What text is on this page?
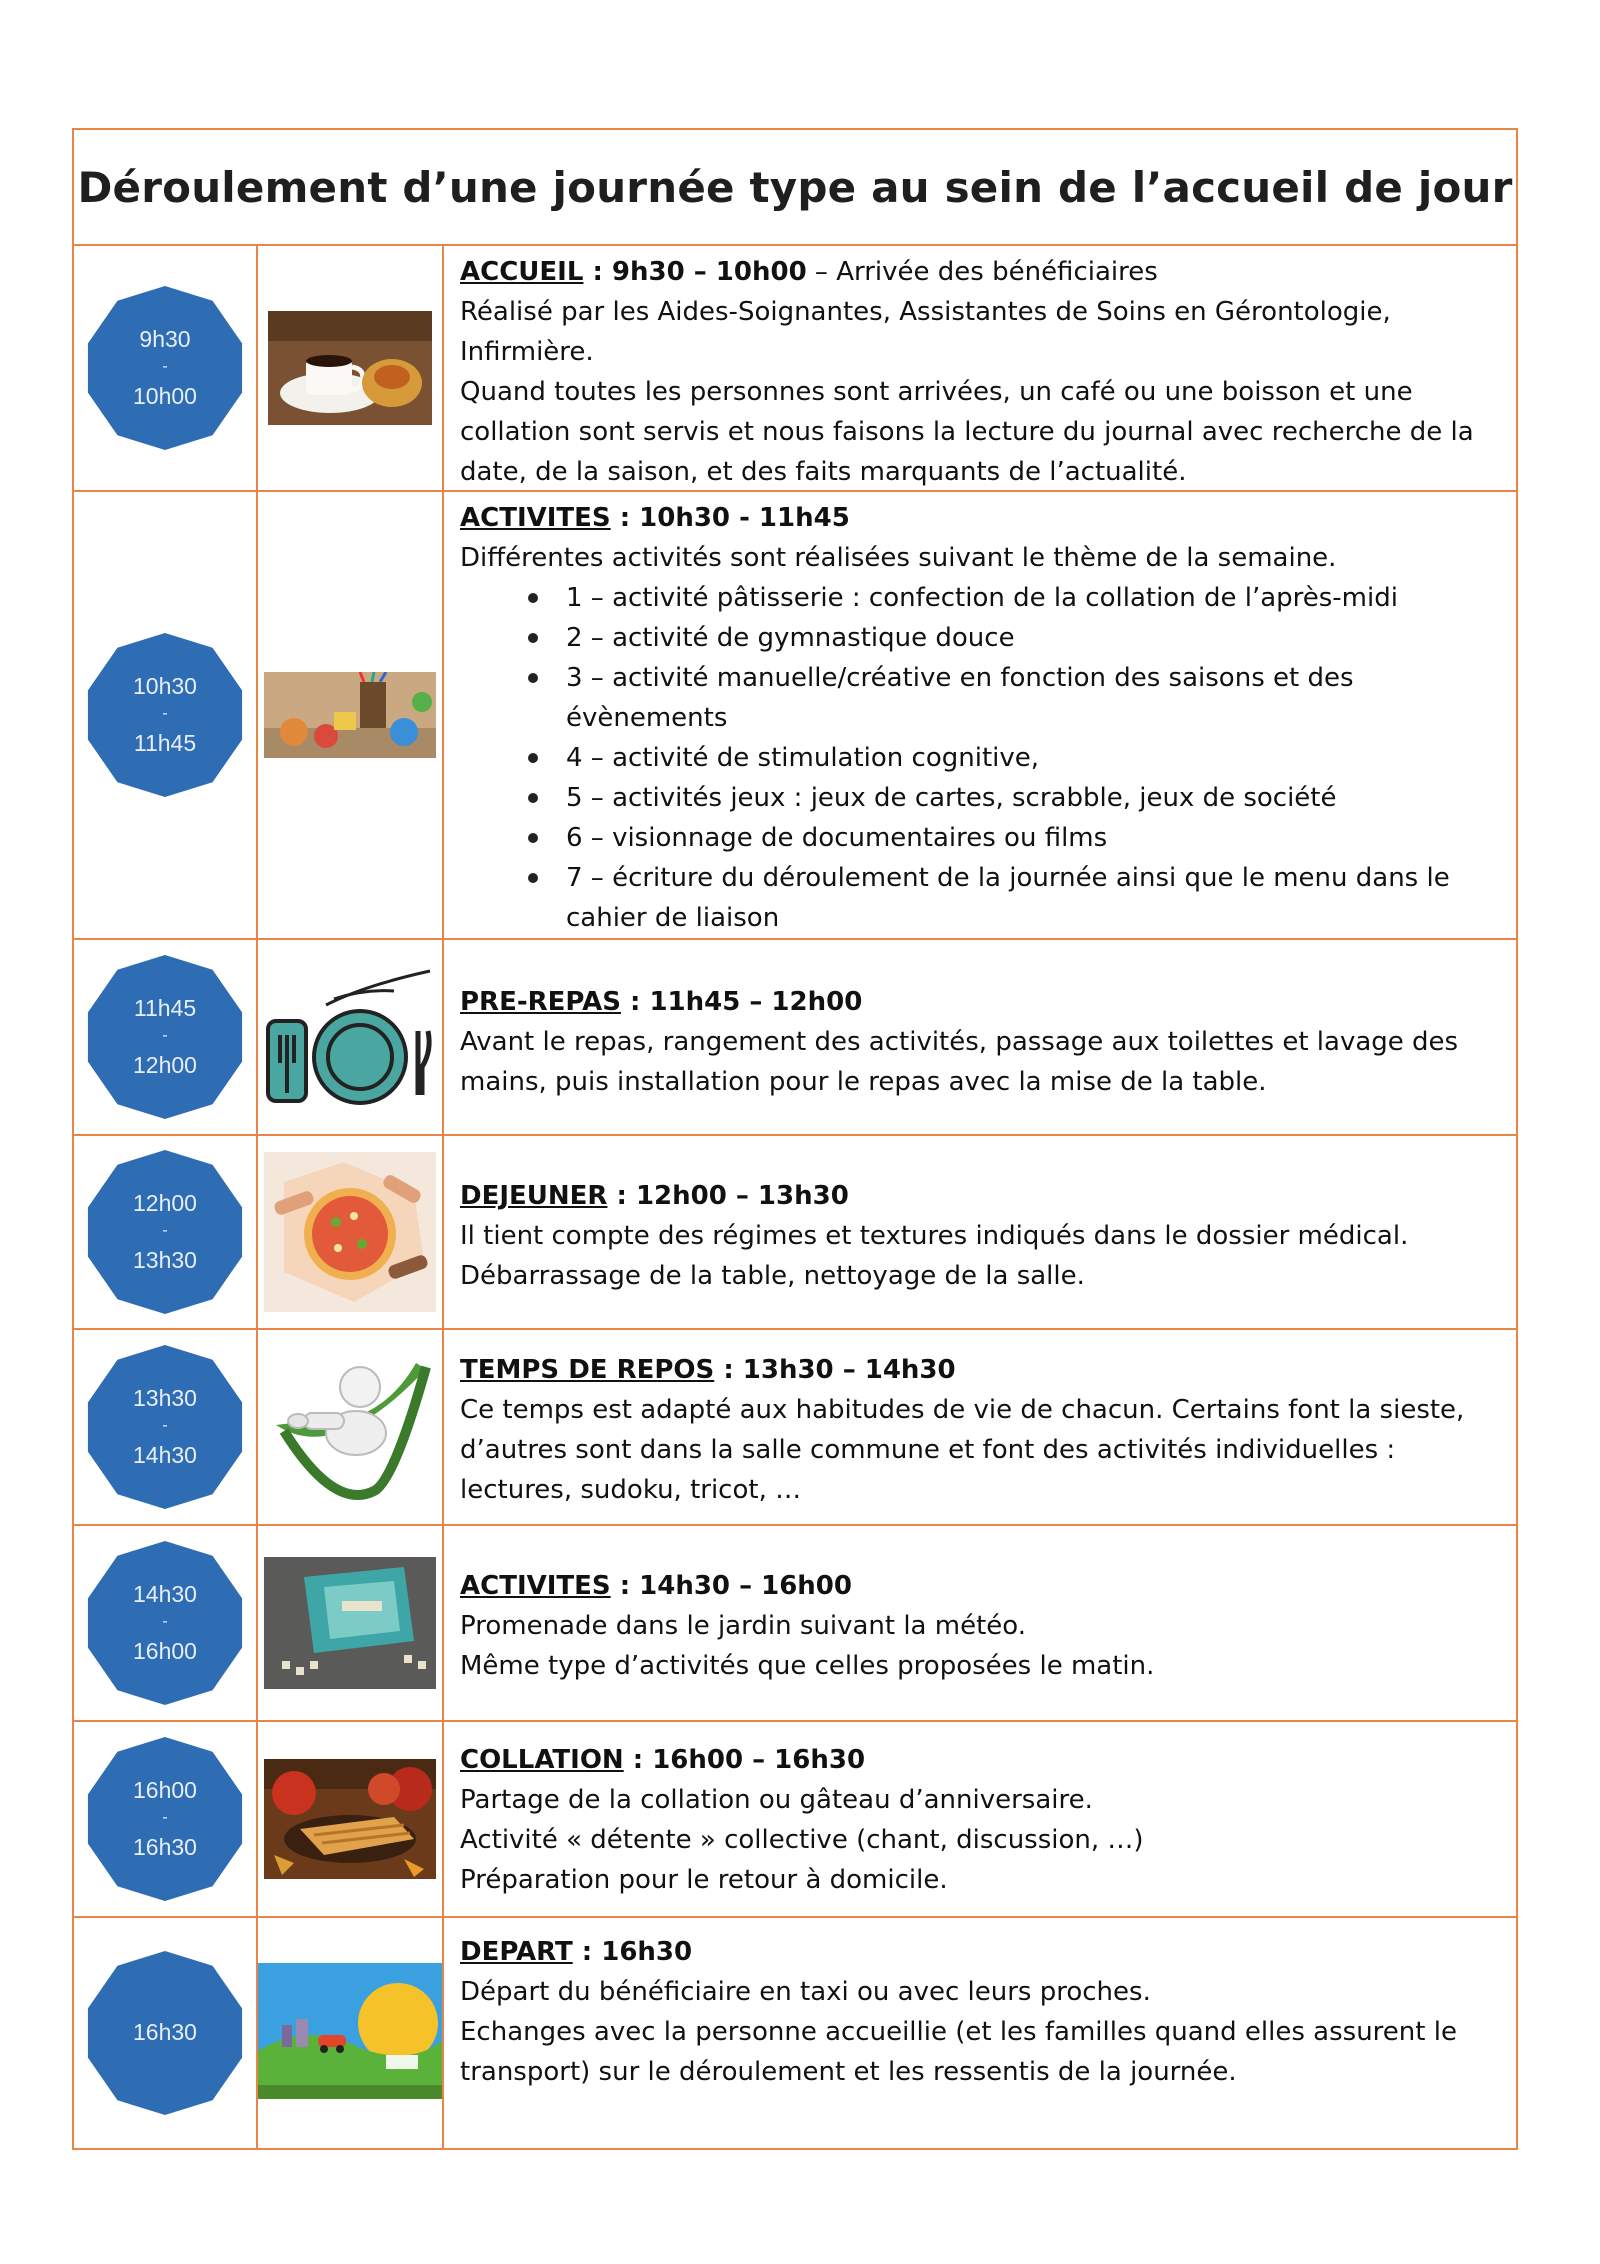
Déroulement d’une journée type au sein de l’accueil de jour
9h30
-
10h00

ACCUEIL : 9h30 – 10h00 – Arrivée des bénéficiaires

Réalisé par les Aides-Soignantes, Assistantes de Soins en Gérontologie, Infirmière.

Quand toutes les personnes sont arrivées, un café ou une boisson et une collation sont servis et nous faisons la lecture du journal avec recherche de la date, de la saison, et des faits marquants de l’actualité.

10h30
-
11h45

ACTIVITES : 10h30 - 11h45

Différentes activités sont réalisées suivant le thème de la semaine.

1 – activité pâtisserie : confection de la collation de l’après-midi
2 – activité de gymnastique douce
3 – activité manuelle/créative en fonction des saisons et des évènements
4 – activité de stimulation cognitive,
5 – activités jeux : jeux de cartes, scrabble, jeux de société
6 – visionnage de documentaires ou films
7 – écriture du déroulement de la journée ainsi que le menu dans le cahier de liaison
11h45
-
12h00

PRE-REPAS : 11h45 – 12h00

Avant le repas, rangement des activités, passage aux toilettes et lavage des mains, puis installation pour le repas avec la mise de la table.

12h00
-
13h30

DEJEUNER : 12h00 – 13h30

Il tient compte des régimes et textures indiqués dans le dossier médical.

Débarrassage de la table, nettoyage de la salle.

13h30
-
14h30

TEMPS DE REPOS : 13h30 – 14h30

Ce temps est adapté aux habitudes de vie de chacun. Certains font la sieste, d’autres sont dans la salle commune et font des activités individuelles : lectures, sudoku, tricot, …

14h30
-
16h00

ACTIVITES : 14h30 – 16h00

Promenade dans le jardin suivant la météo.

Même type d’activités que celles proposées le matin.

16h00
-
16h30

COLLATION : 16h00 – 16h30

Partage de la collation ou gâteau d’anniversaire.

Activité « détente » collective (chant, discussion, …)

Préparation pour le retour à domicile.

16h30

DEPART : 16h30

Départ du bénéficiaire en taxi ou avec leurs proches.

Echanges avec la personne accueillie (et les familles quand elles assurent le transport) sur le déroulement et les ressentis de la journée.
